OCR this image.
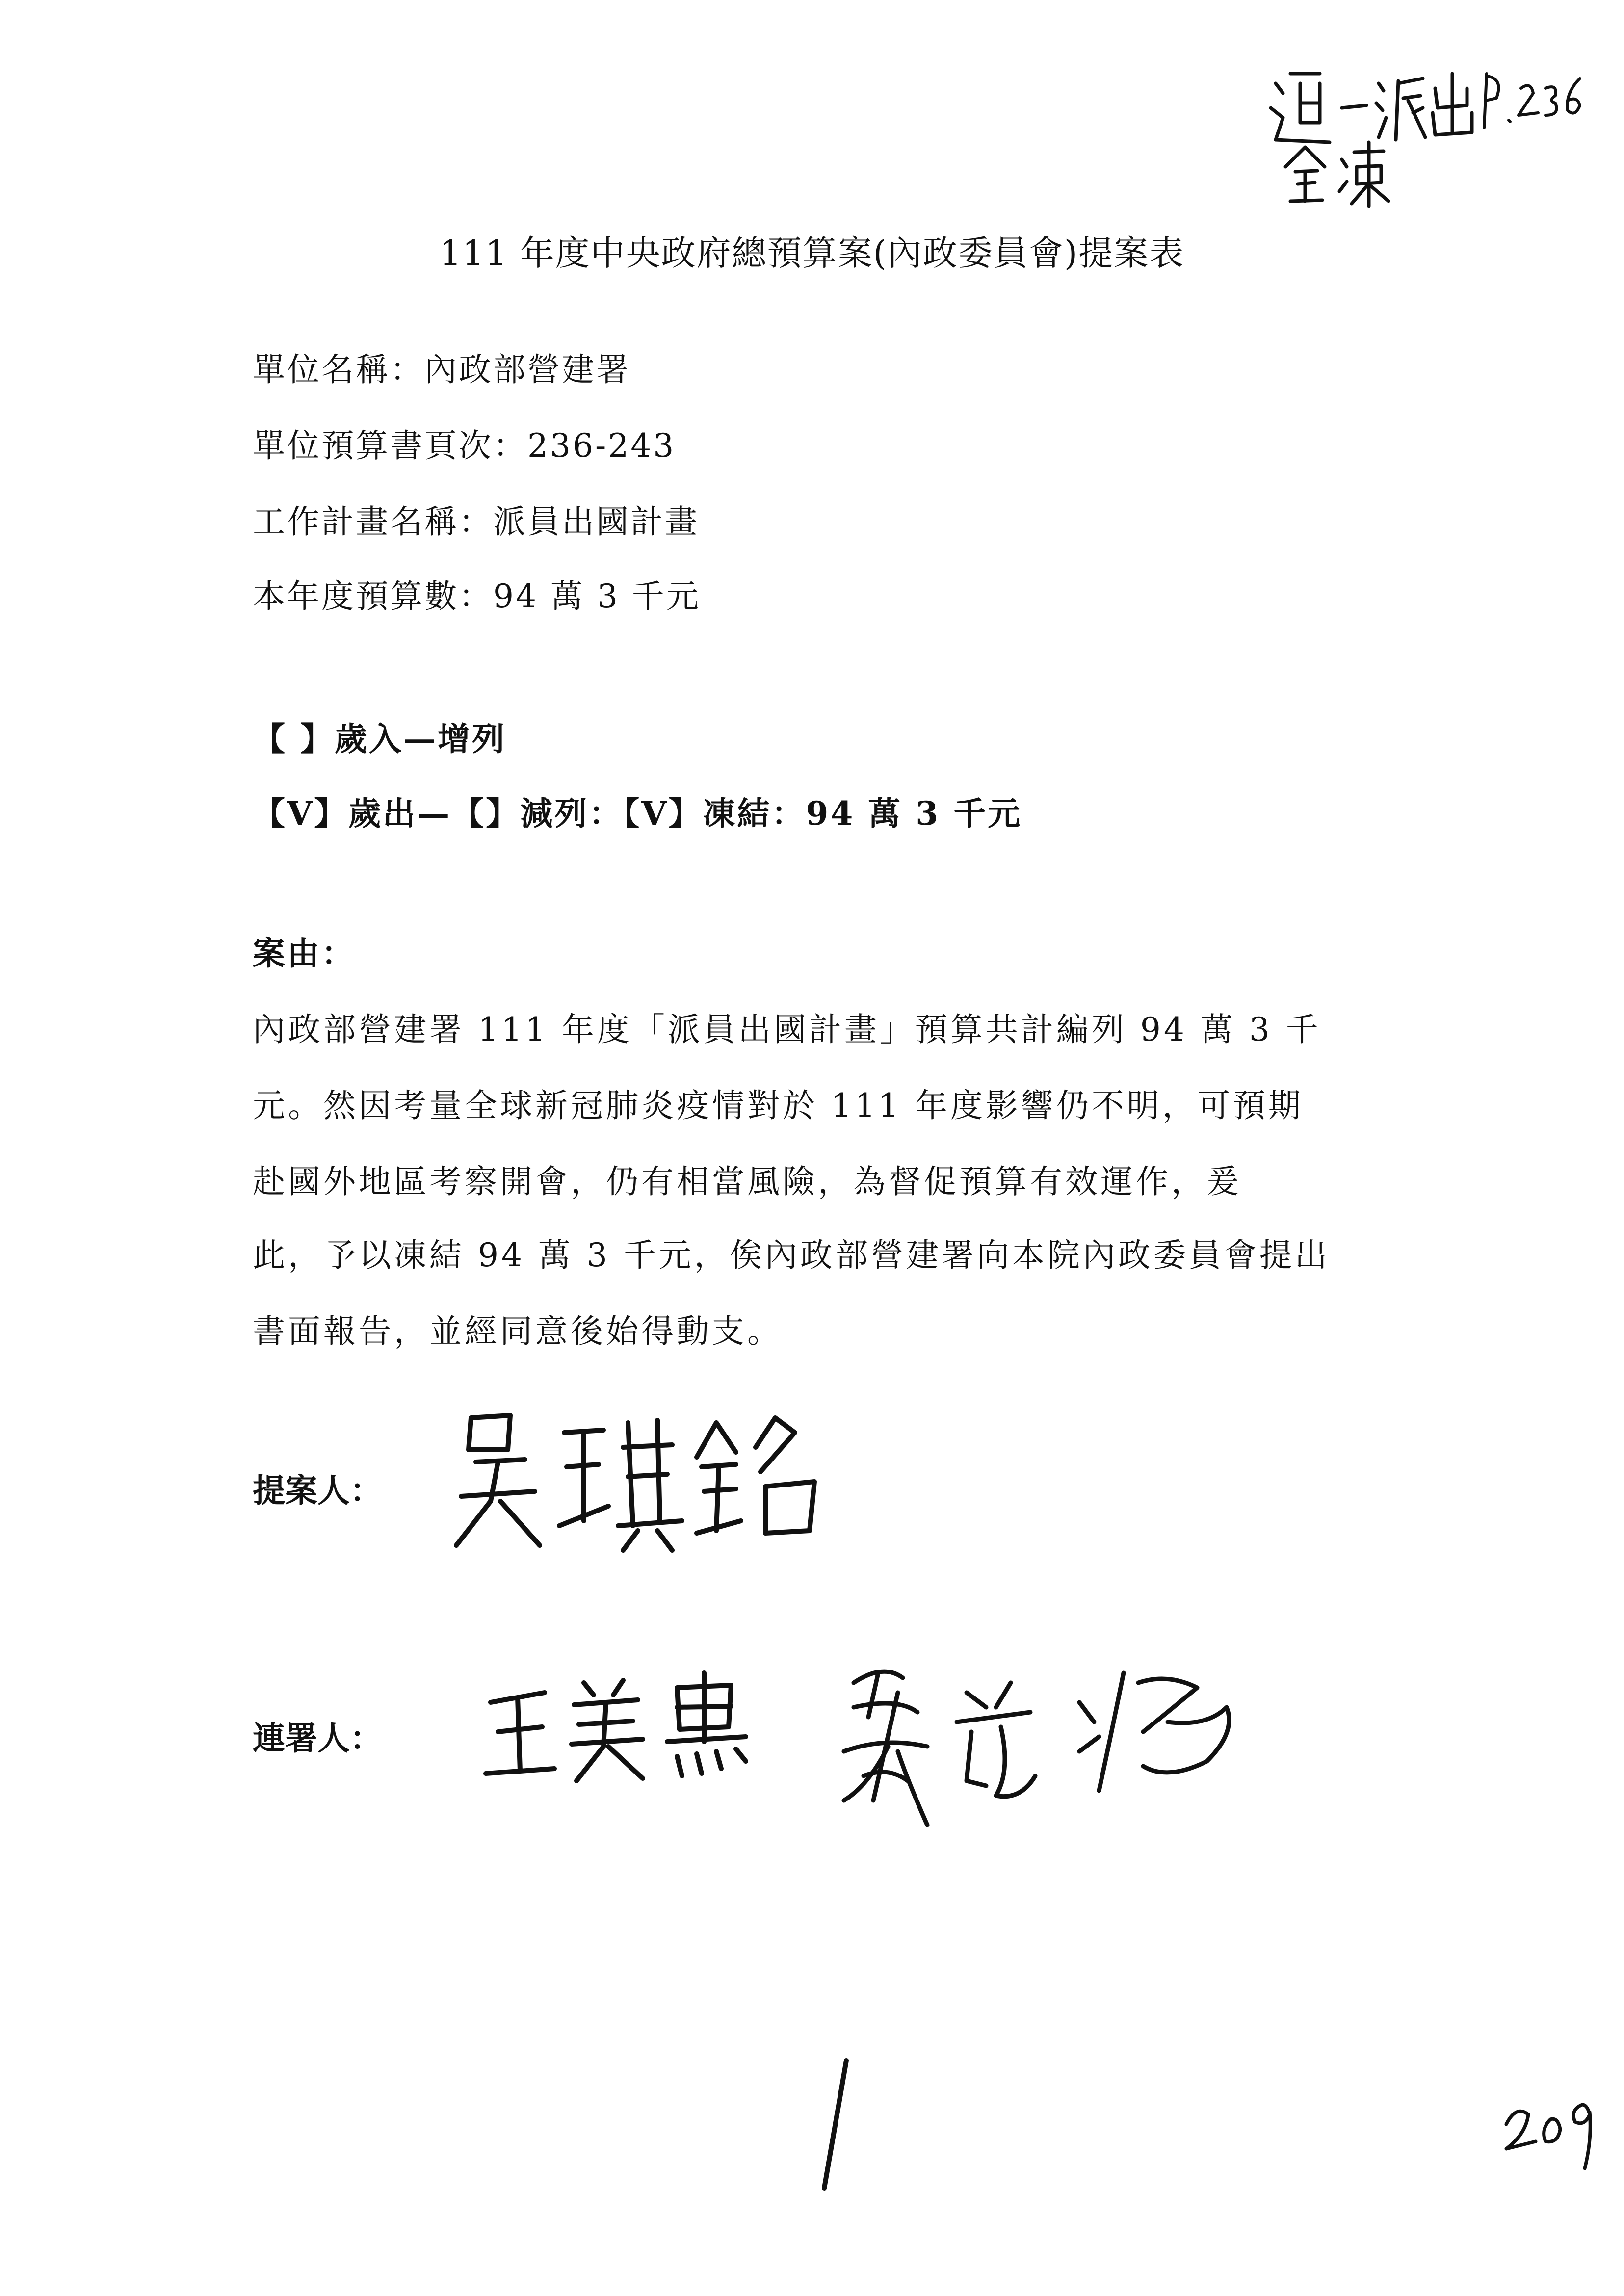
111 年度中央政府總預算案(內政委員會)提案表
單位名稱：內政部營建署
單位預算書頁次：236-243
工作計畫名稱：派員出國計畫
本年度預算數：94 萬 3 千元
【 】歲入—增列
【V】歲出—【】減列：【V】凍結：94 萬 3 千元
案由：
內政部營建署 111 年度「派員出國計畫」預算共計編列 94 萬 3 千
元。然因考量全球新冠肺炎疫情對於 111 年度影響仍不明，可預期
赴國外地區考察開會，仍有相當風險，為督促預算有效運作，爰
此，予以凍結 94 萬 3 千元，俟內政部營建署向本院內政委員會提出
書面報告，並經同意後始得動支。
提案人：
連署人：
